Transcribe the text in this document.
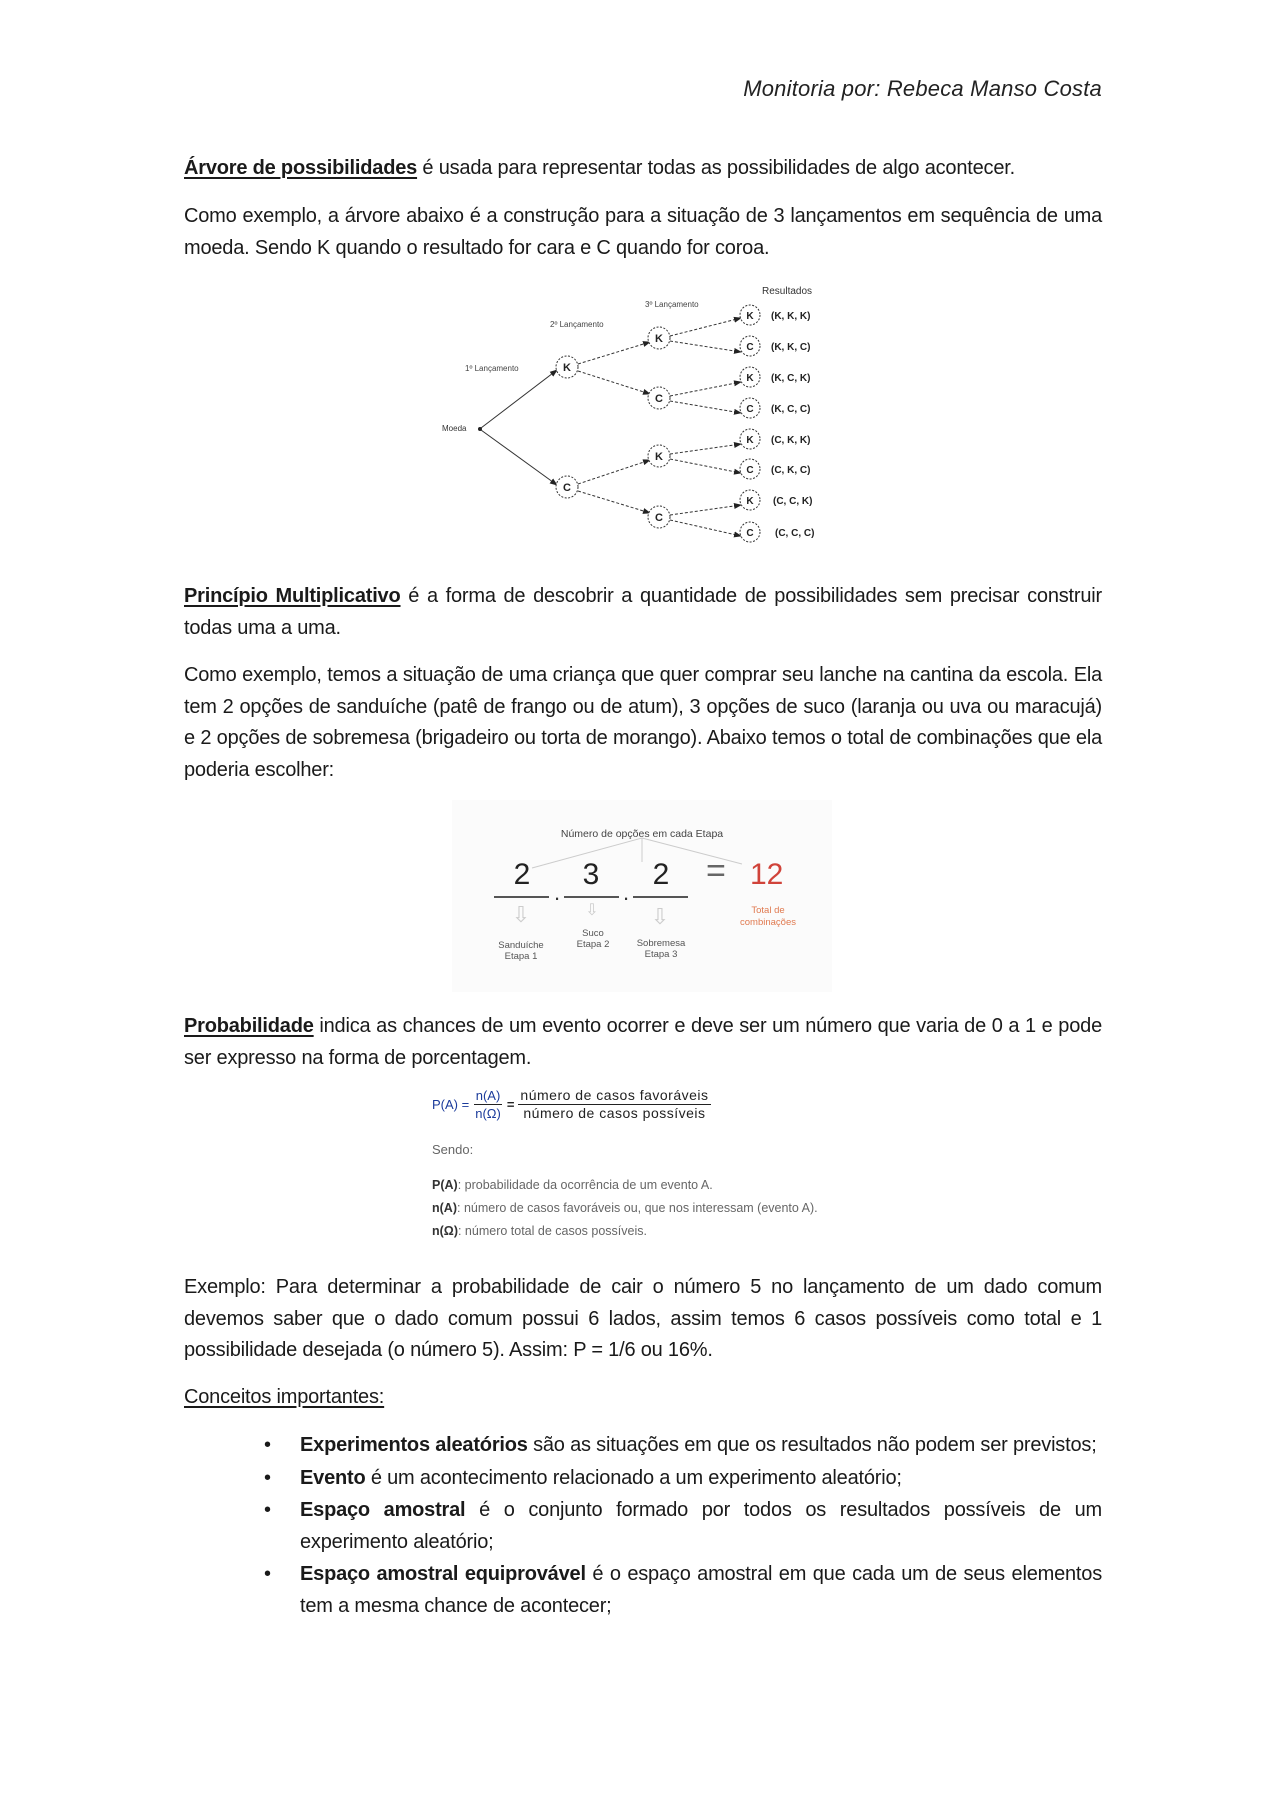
Monitoria por: Rebeca Manso Costa
Árvore de possibilidades é usada para representar todas as possibilidades de algo acontecer.
Como exemplo, a árvore abaixo é a construção para a situação de 3 lançamentos em sequência de uma moeda. Sendo K quando o resultado for cara e C quando for coroa.
Moeda
1º Lançamento
2º Lançamento
3º Lançamento
Resultados
K
C
K
C
K
C
K (K, K, K)
C (K, K, C)
K (K, C, K)
C (K, C, C)
K (C, K, K)
C (C, K, C)
K (C, C, K)
C (C, C, C)
Princípio Multiplicativo é a forma de descobrir a quantidade de possibilidades sem precisar construir todas uma a uma.
Como exemplo, temos a situação de uma criança que quer comprar seu lanche na cantina da escola. Ela tem 2 opções de sanduíche (patê de frango ou de atum), 3 opções de suco (laranja ou uva ou maracujá) e 2 opções de sobremesa (brigadeiro ou torta de morango). Abaixo temos o total de combinações que ela poderia escolher:
Número de opções em cada Etapa
2
.
3
.
2	= 12
Total de
combinações
⇩	⇩	⇩
Sanduíche
Etapa 1
Suco
Etapa 2	Sobremesa
Etapa 3
Probabilidade indica as chances de um evento ocorrer e deve ser um número que varia de 0 a 1 e pode ser expresso na forma de porcentagem.
$P(A) = \frac{n(A)}{n(\Omega)} = \frac{\text{número de casos favoráveis}}{\text{número de casos possíveis}}$
Sendo:
P(A): probabilidade da ocorrência de um evento A.
n(A): número de casos favoráveis ou, que nos interessam (evento A).
n(Ω): número total de casos possíveis.
Exemplo: Para determinar a probabilidade de cair o número 5 no lançamento de um dado comum devemos saber que o dado comum possui 6 lados, assim temos 6 casos possíveis como total e 1 possibilidade desejada (o número 5). Assim: P = 1/6 ou 16%.
Conceitos importantes:
• Experimentos aleatórios são as situações em que os resultados não podem ser previstos;
• Evento é um acontecimento relacionado a um experimento aleatório;
• Espaço amostral é o conjunto formado por todos os resultados possíveis de um experimento aleatório;
• Espaço amostral equiprovável é o espaço amostral em que cada um de seus elementos tem a mesma chance de acontecer;
